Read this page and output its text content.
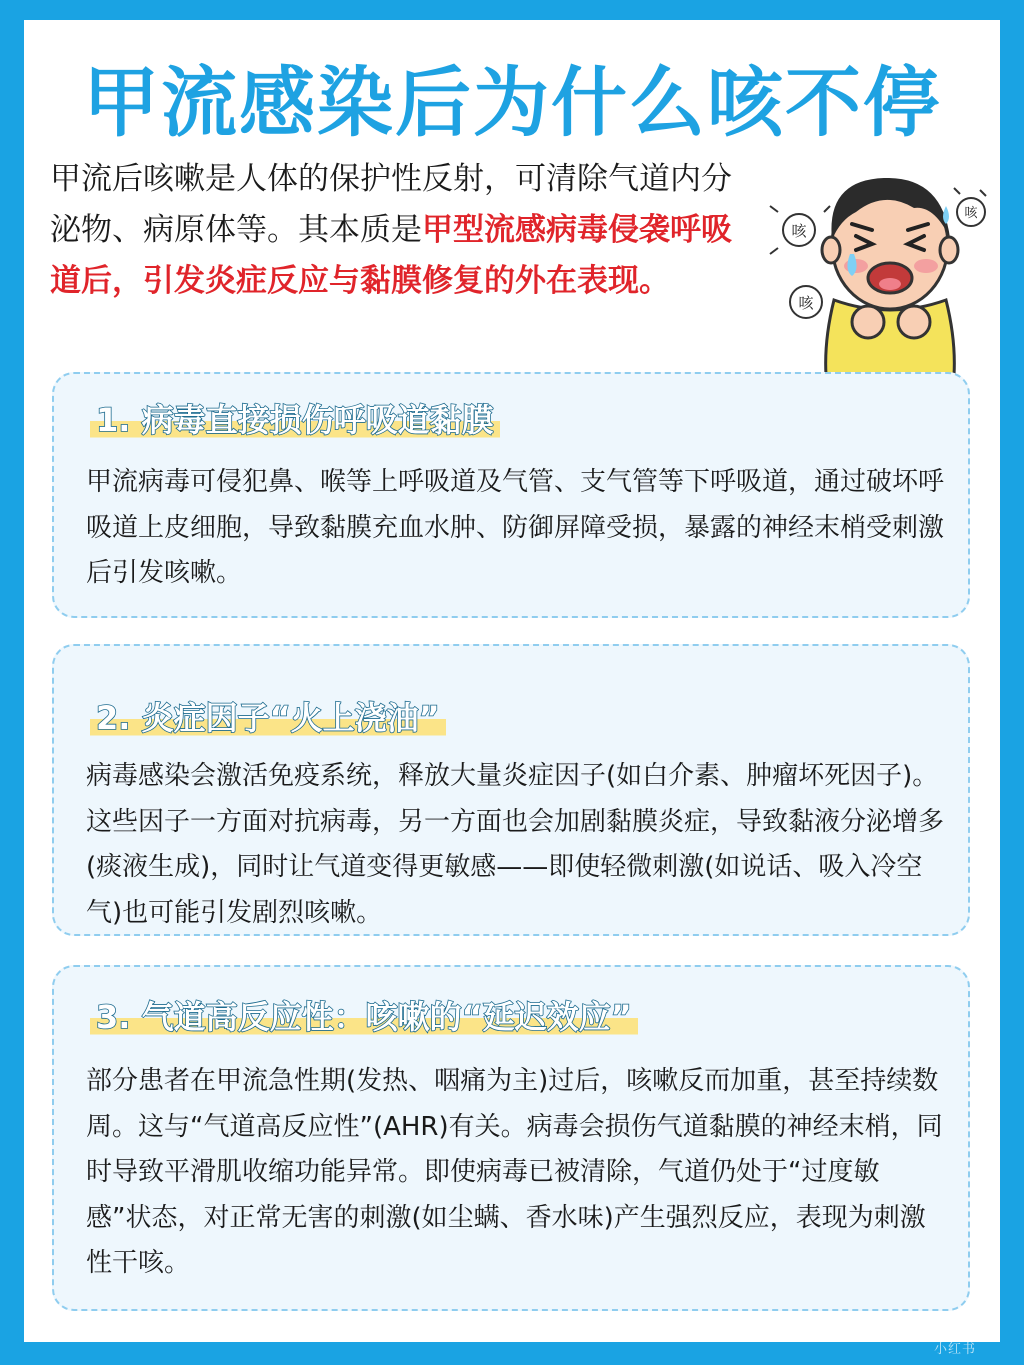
甲流感染后为什么咳不停

甲流后咳嗽是人体的保护性反射，可清除气道内分泌物、病原体等。其本质是甲型流感病毒侵袭呼吸道后，引发炎症反应与黏膜修复的外在表现。

咳
咳
咳
1. 病毒直接损伤呼吸道黏膜

甲流病毒可侵犯鼻、喉等上呼吸道及气管、支气管等下呼吸道，通过破坏呼吸道上皮细胞，导致黏膜充血水肿、防御屏障受损，暴露的神经末梢受刺激后引发咳嗽。

2. 炎症因子“火上浇油”

病毒感染会激活免疫系统，释放大量炎症因子(如白介素、肿瘤坏死因子)。这些因子一方面对抗病毒，另一方面也会加剧黏膜炎症，导致黏液分泌增多(痰液生成)，同时让气道变得更敏感——即使轻微刺激(如说话、吸入冷空气)也可能引发剧烈咳嗽。

3. 气道高反应性：咳嗽的“延迟效应”

部分患者在甲流急性期(发热、咽痛为主)过后，咳嗽反而加重，甚至持续数周。这与“气道高反应性”(AHR)有关。病毒会损伤气道黏膜的神经末梢，同时导致平滑肌收缩功能异常。即使病毒已被清除，气道仍处于“过度敏感”状态，对正常无害的刺激(如尘螨、香水味)产生强烈反应，表现为刺激性干咳。

小红书
